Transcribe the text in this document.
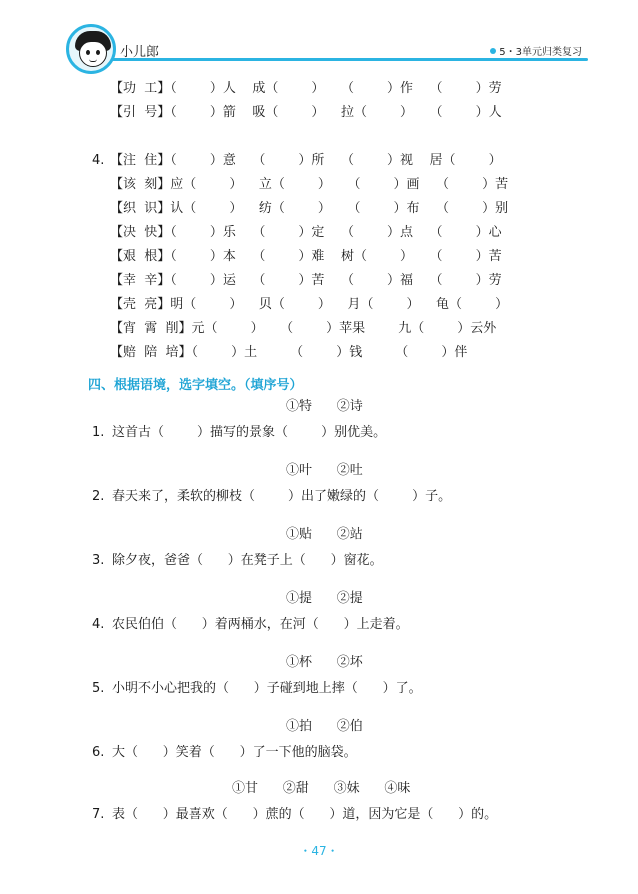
小儿郎	5・3单元归类复习
【功  工】（        ）人    成（        ）    （        ）作    （        ）劳
【引  号】（        ）箭    吸（        ）    拉（        ）    （        ）人
4. 【注  住】（        ）意    （        ）所    （        ）视    居（        ）
【该  刻】应（        ）    立（        ）    （        ）画    （        ）苦
【织  识】认（        ）    纺（        ）    （        ）布    （        ）别
【决  快】（        ）乐    （        ）定    （        ）点    （        ）心
【艰  根】（        ）本    （        ）难    树（        ）    （        ）苦
【幸  辛】（        ）运    （        ）苦    （        ）福    （        ）劳
【壳  亮】明（        ）    贝（        ）    月（        ）    龟（        ）
【宵  霄  削】元（        ）    （        ）苹果        九（        ）云外
【赔  陪  培】（        ）土        （        ）钱        （        ）伴
四、根据语境，选字填空。（填序号）
①特      ②诗
1. 这首古（        ）描写的景象（        ）别优美。
①叶      ②吐
2. 春天来了，柔软的柳枝（        ）出了嫩绿的（        ）子。
①贴      ②站
3. 除夕夜，爸爸（      ）在凳子上（      ）窗花。
①提      ②提
4. 农民伯伯（      ）着两桶水，在河（      ）上走着。
①杯      ②坏
5. 小明不小心把我的（      ）子碰到地上摔（      ）了。
①拍      ②伯
6. 大（      ）笑着（      ）了一下他的脑袋。
①甘      ②甜      ③妹      ④味
7. 表（      ）最喜欢（      ）蔗的（      ）道，因为它是（      ）的。
・47・
